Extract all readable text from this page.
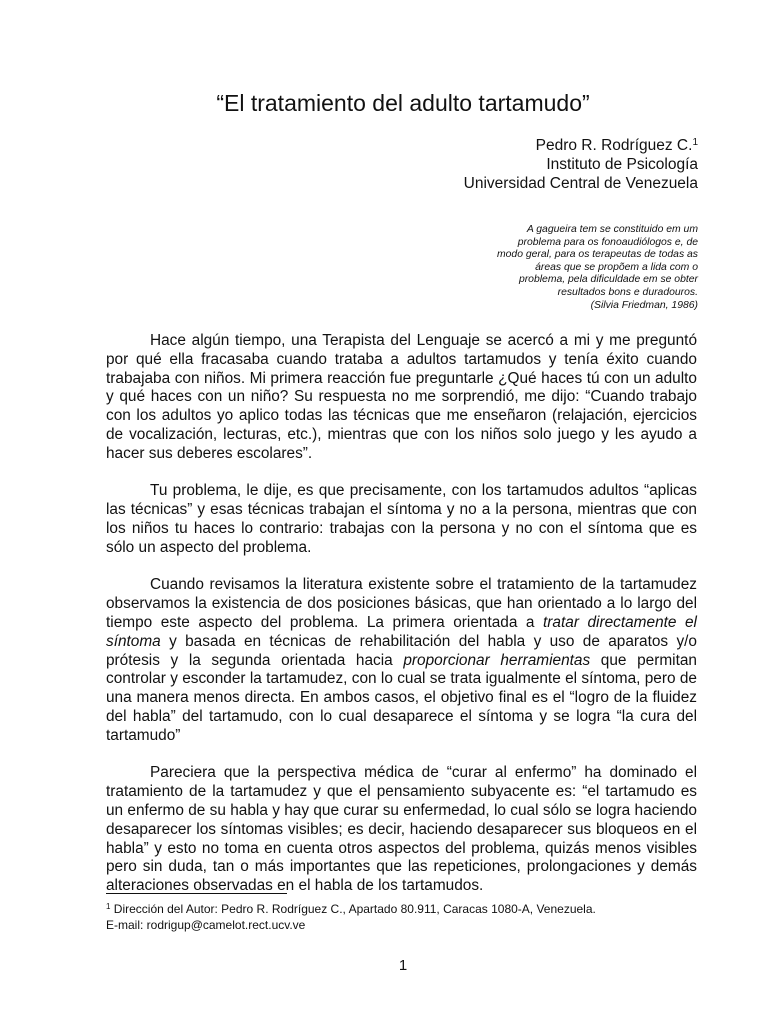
“El tratamiento del adulto tartamudo”
Pedro R. Rodríguez C.$^1$
Instituto de Psicología
Universidad Central de Venezuela
A gagueira tem se constituido em um
problema para os fonoaudiólogos e, de
modo geral, para os terapeutas de todas as
áreas que se propõem a lida com o
problema, pela dificuldade em se obter
resultados bons e duradouros.
(Silvia Friedman, 1986)

Hace algún tiempo, una Terapista del Lenguaje se acercó a mi y me preguntó por qué ella fracasaba cuando trataba a adultos tartamudos y tenía éxito cuando trabajaba con niños. Mi primera reacción fue preguntarle ¿Qué haces tú con un adulto y qué haces con un niño? Su respuesta no me sorprendió, me dijo: “Cuando trabajo con los adultos yo aplico todas las técnicas que me enseñaron (relajación, ejercicios de vocalización, lecturas, etc.), mientras que con los niños solo juego y les ayudo a hacer sus deberes escolares”.

Tu problema, le dije, es que precisamente, con los tartamudos adultos “aplicas las técnicas” y esas técnicas trabajan el síntoma y no a la persona, mientras que con los niños tu haces lo contrario: trabajas con la persona y no con el síntoma que es sólo un aspecto del problema.

Cuando revisamos la literatura existente sobre el tratamiento de la tartamudez observamos la existencia de dos posiciones básicas, que han orientado a lo largo del tiempo este aspecto del problema. La primera orientada a tratar directamente el síntoma y basada en técnicas de rehabilitación del habla y uso de aparatos y/o prótesis y la segunda orientada hacia proporcionar herramientas que permitan controlar y esconder la tartamudez, con lo cual se trata igualmente el síntoma, pero de una manera menos directa. En ambos casos, el objetivo final es el “logro de la fluidez del habla” del tartamudo, con lo cual desaparece el síntoma y se logra “la cura del tartamudo”

Pareciera que la perspectiva médica de “curar al enfermo” ha dominado el tratamiento de la tartamudez y que el pensamiento subyacente es: “el tartamudo es un enfermo de su habla y hay que curar su enfermedad, lo cual sólo se logra haciendo desaparecer los síntomas visibles; es decir, haciendo desaparecer sus bloqueos en el habla” y esto no toma en cuenta otros aspectos del problema, quizás menos visibles pero sin duda, tan o más importantes que las repeticiones, prolongaciones y demás alteraciones observadas en el habla de los tartamudos.

$^1$ Dirección del Autor: Pedro R. Rodríguez C., Apartado 80.911, Caracas 1080-A, Venezuela.
E-mail: rodrigup@camelot.rect.ucv.ve
1
